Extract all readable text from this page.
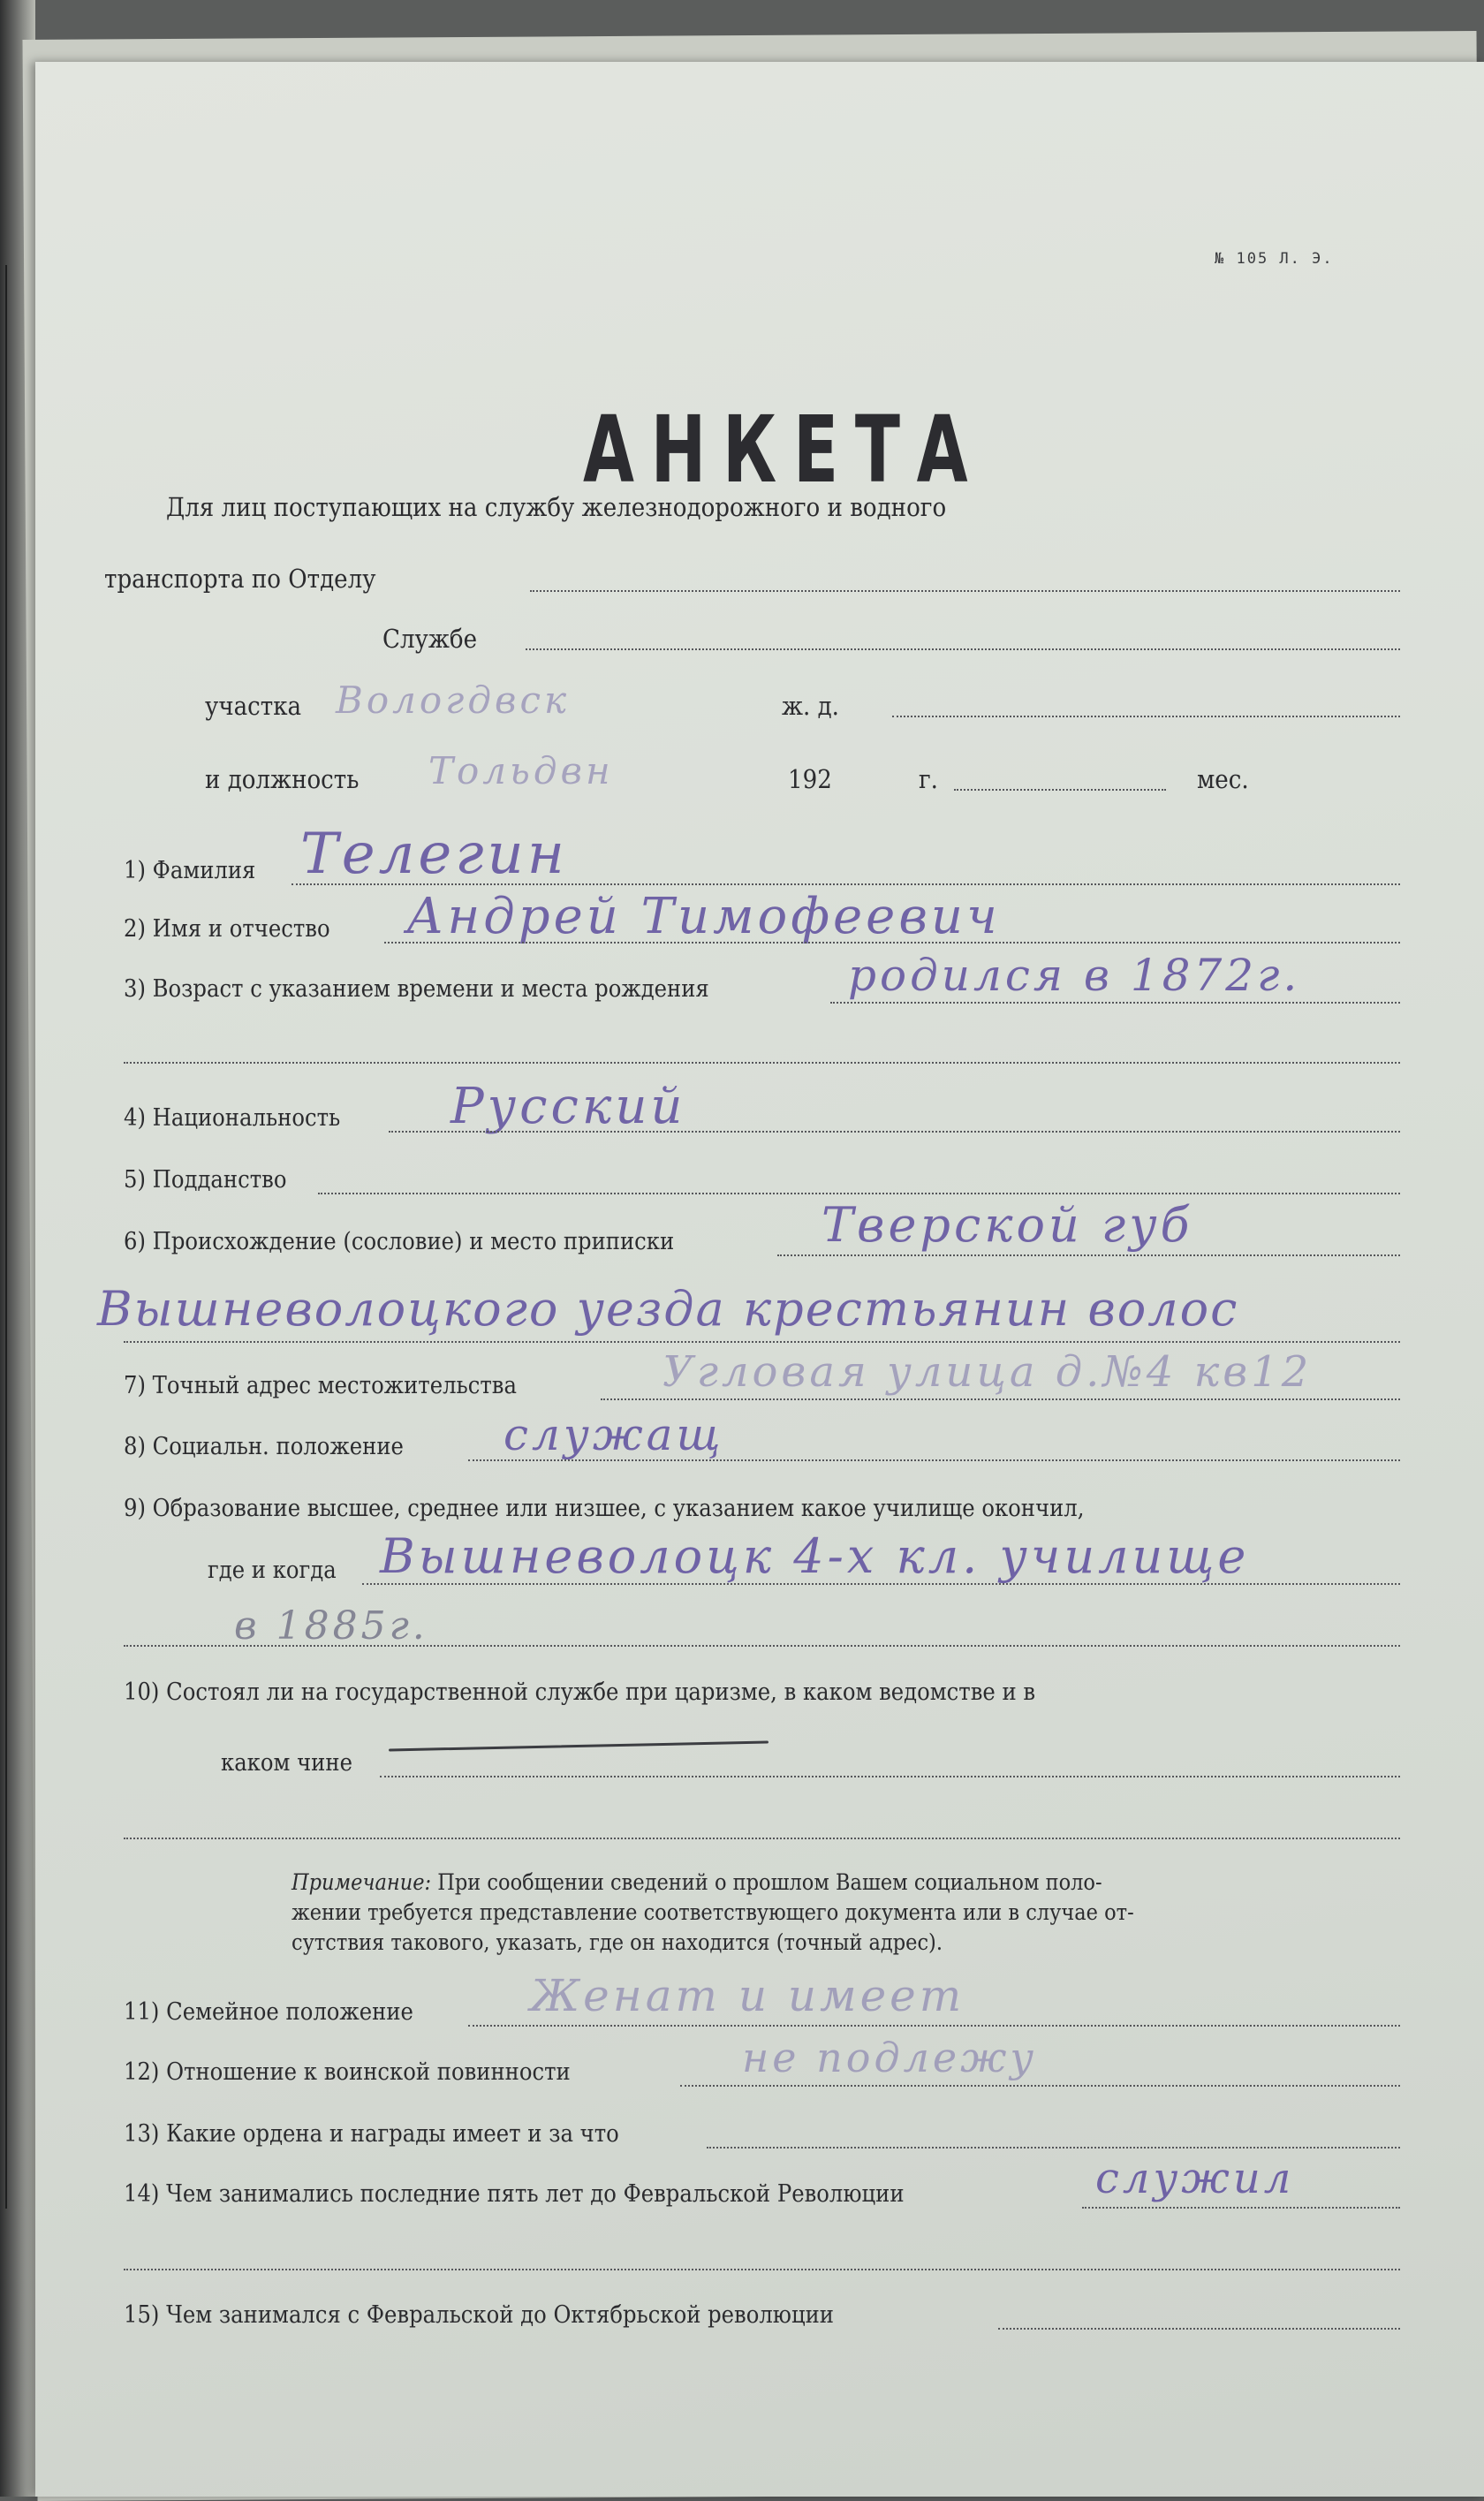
№ 105 Л. Э.
АНКЕТА
Для лиц поступающих на службу железнодорожного и водного
транспорта по Отделу
Службе
участка Вологдвск	ж. д.
и должность Тольдвн	192	г.	мес.
1) Фамилия Телегин
2) Имя и отчество Андрей Тимофеевич
3) Возраст с указанием времени и места рождения	родился в 1872г.
4) Национальность Русский
5) Подданство
6) Происхождение (сословие) и место приписки	Тверской губ
Вышневолоцкого уезда крестьянин волос
7) Точный адрес местожительства	Угловая улица д.№4 кв12
8) Социальн. положение служащ
9) Образование высшее, среднее или низшее, с указанием какое училище окончил,
где и когда Вышневолоцк 4-х кл. училище
в 1885г.
10) Состоял ли на государственной службе при царизме, в каком ведомстве и в
каком чине
Примечание: При сообщении сведений о прошлом Вашем социальном поло-
жении требуется представление соответствующего документа или в случае от-
сутствия такового, указать, где он находится (точный адрес).
11) Семейное положение	Женат и имеет
12) Отношение к воинской повинности	не подлежу
13) Какие ордена и награды имеет и за что
14) Чем занимались последние пять лет до Февральской Революции	служил
15) Чем занимался с Февральской до Октябрьской революции
